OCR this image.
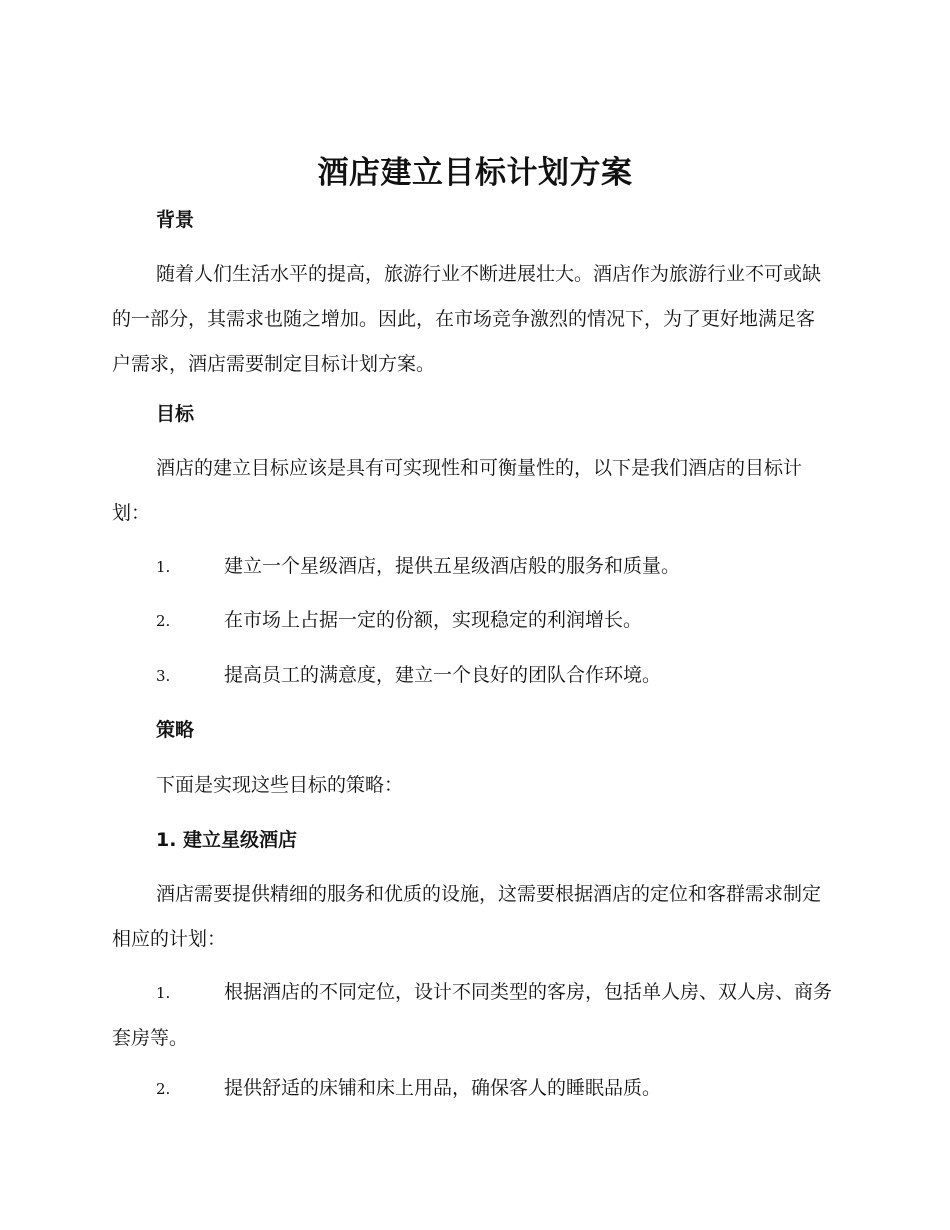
酒店建立目标计划方案
背景
随着人们生活水平的提高，旅游行业不断进展壮大。酒店作为旅游行业不可或缺的一部分，其需求也随之增加。因此，在市场竞争激烈的情况下，为了更好地满足客户需求，酒店需要制定目标计划方案。
目标
酒店的建立目标应该是具有可实现性和可衡量性的，以下是我们酒店的目标计划：
1.	建立一个星级酒店，提供五星级酒店般的服务和质量。
2.	在市场上占据一定的份额，实现稳定的利润增长。
3.	提高员工的满意度，建立一个良好的团队合作环境。
策略
下面是实现这些目标的策略：
1. 建立星级酒店
酒店需要提供精细的服务和优质的设施，这需要根据酒店的定位和客群需求制定相应的计划：
1.	根据酒店的不同定位，设计不同类型的客房，包括单人房、双人房、商务套房等。
2.	提供舒适的床铺和床上用品，确保客人的睡眠品质。
